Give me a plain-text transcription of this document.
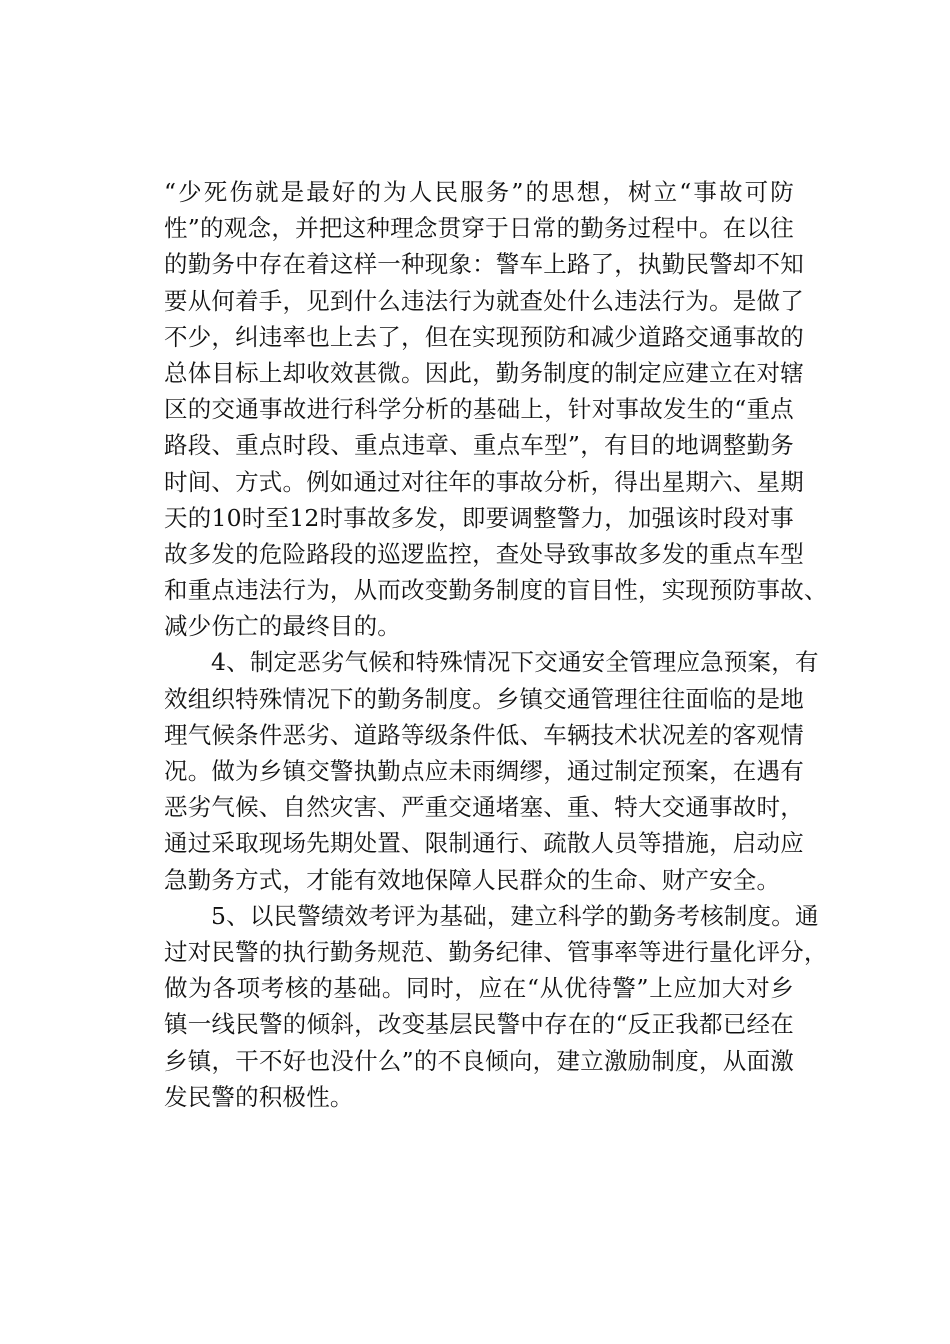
“少死伤就是最好的为人民服务”的思想，树立“事故可防
性”的观念，并把这种理念贯穿于日常的勤务过程中。在以往
的勤务中存在着这样一种现象：警车上路了，执勤民警却不知
要从何着手，见到什么违法行为就查处什么违法行为。是做了
不少，纠违率也上去了，但在实现预防和减少道路交通事故的
总体目标上却收效甚微。因此，勤务制度的制定应建立在对辖
区的交通事故进行科学分析的基础上，针对事故发生的“重点
路段、重点时段、重点违章、重点车型”，有目的地调整勤务
时间、方式。例如通过对往年的事故分析，得出星期六、星期
天的10时至12时事故多发，即要调整警力，加强该时段对事
故多发的危险路段的巡逻监控，查处导致事故多发的重点车型
和重点违法行为，从而改变勤务制度的盲目性，实现预防事故、
减少伤亡的最终目的。
4、制定恶劣气候和特殊情况下交通安全管理应急预案，有
效组织特殊情况下的勤务制度。乡镇交通管理往往面临的是地
理气候条件恶劣、道路等级条件低、车辆技术状况差的客观情
况。做为乡镇交警执勤点应未雨绸缪，通过制定预案，在遇有
恶劣气候、自然灾害、严重交通堵塞、重、特大交通事故时，
通过采取现场先期处置、限制通行、疏散人员等措施，启动应
急勤务方式，才能有效地保障人民群众的生命、财产安全。
5、以民警绩效考评为基础，建立科学的勤务考核制度。通
过对民警的执行勤务规范、勤务纪律、管事率等进行量化评分，
做为各项考核的基础。同时，应在“从优待警”上应加大对乡
镇一线民警的倾斜，改变基层民警中存在的“反正我都已经在
乡镇，干不好也没什么”的不良倾向，建立激励制度，从面激
发民警的积极性。
